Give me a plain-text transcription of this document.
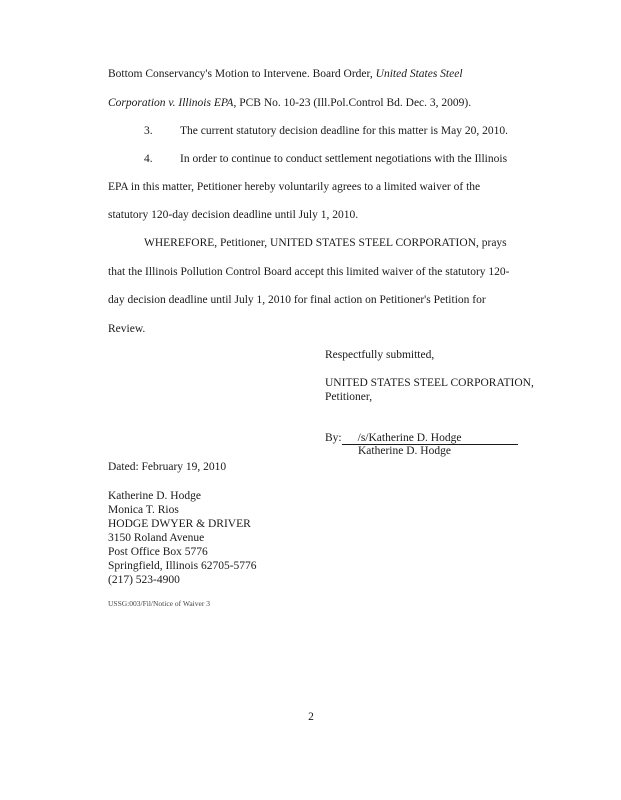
Bottom Conservancy's Motion to Intervene. Board Order, United States Steel
Corporation v. Illinois EPA, PCB No. 10-23 (Ill.Pol.Control Bd. Dec. 3, 2009).
3. The current statutory decision deadline for this matter is May 20, 2010.
4. In order to continue to conduct settlement negotiations with the Illinois
EPA in this matter, Petitioner hereby voluntarily agrees to a limited waiver of the
statutory 120-day decision deadline until July 1, 2010.
WHEREFORE, Petitioner, UNITED STATES STEEL CORPORATION, prays
that the Illinois Pollution Control Board accept this limited waiver of the statutory 120-
day decision deadline until July 1, 2010 for final action on Petitioner's Petition for
Review.
Respectfully submitted,
UNITED STATES STEEL CORPORATION,
Petitioner,
By: /s/Katherine D. Hodge
Katherine D. Hodge
Dated: February 19, 2010
Katherine D. Hodge
Monica T. Rios
HODGE DWYER & DRIVER
3150 Roland Avenue
Post Office Box 5776
Springfield, Illinois 62705-5776
(217) 523-4900
USSG:003/Fil/Notice of Waiver 3
2
